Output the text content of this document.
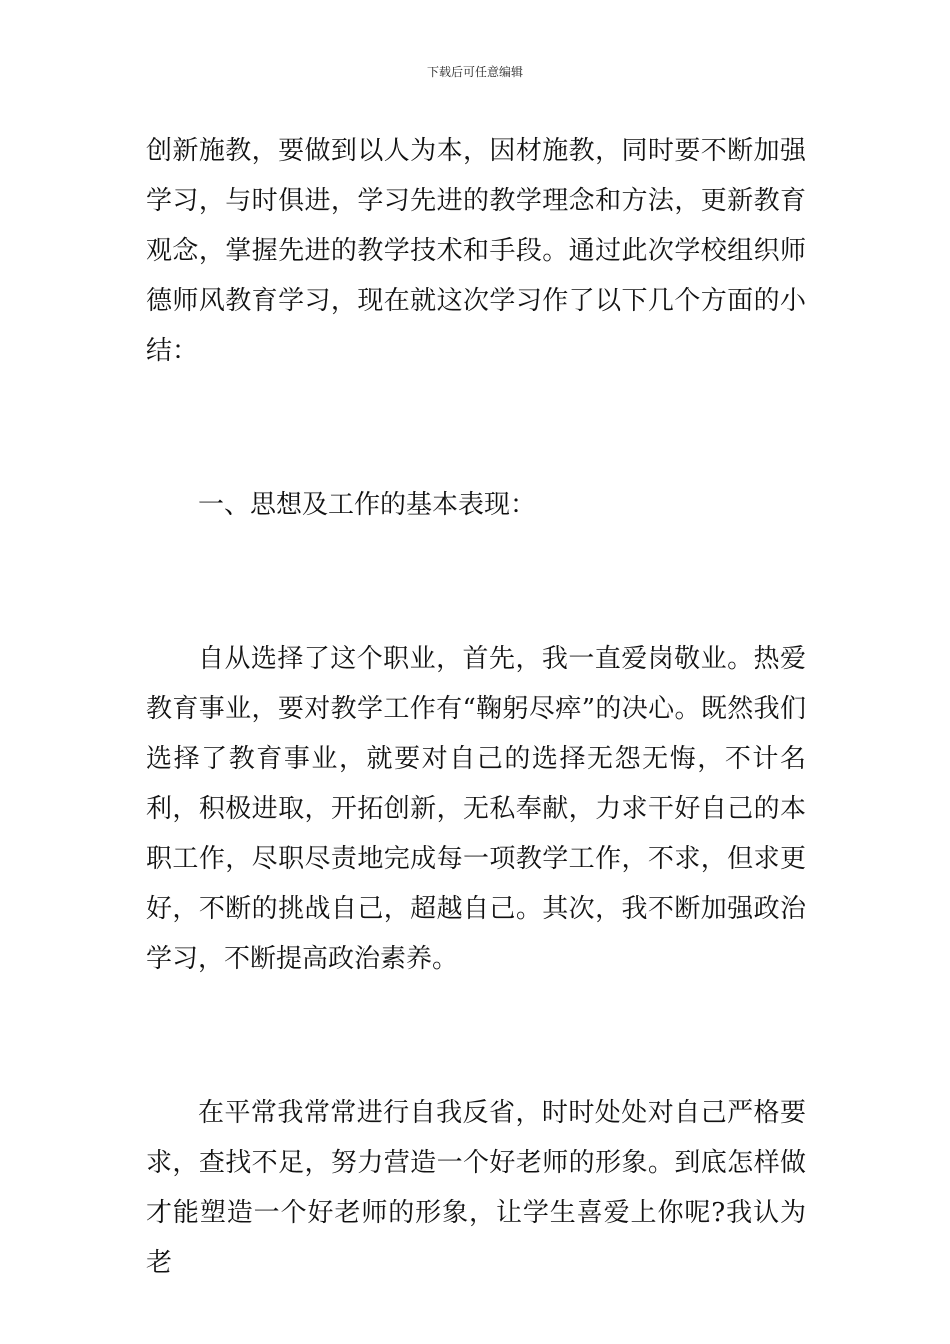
下载后可任意编辑

创新施教，要做到以人为本，因材施教，同时要不断加强学习，与时俱进，学习先进的教学理念和方法，更新教育观念，掌握先进的教学技术和手段。通过此次学校组织师德师风教育学习，现在就这次学习作了以下几个方面的小结：

一、思想及工作的基本表现：

自从选择了这个职业，首先，我一直爱岗敬业。热爱教育事业，要对教学工作有“鞠躬尽瘁”的决心。既然我们选择了教育事业，就要对自己的选择无怨无悔，不计名利，积极进取，开拓创新，无私奉献，力求干好自己的本职工作，尽职尽责地完成每一项教学工作，不求，但求更好，不断的挑战自己，超越自己。其次，我不断加强政治学习，不断提高政治素养。

在平常我常常进行自我反省，时时处处对自己严格要求，查找不足，努力营造一个好老师的形象。到底怎样做才能塑造一个好老师的形象，让学生喜爱上你呢?我认为老
